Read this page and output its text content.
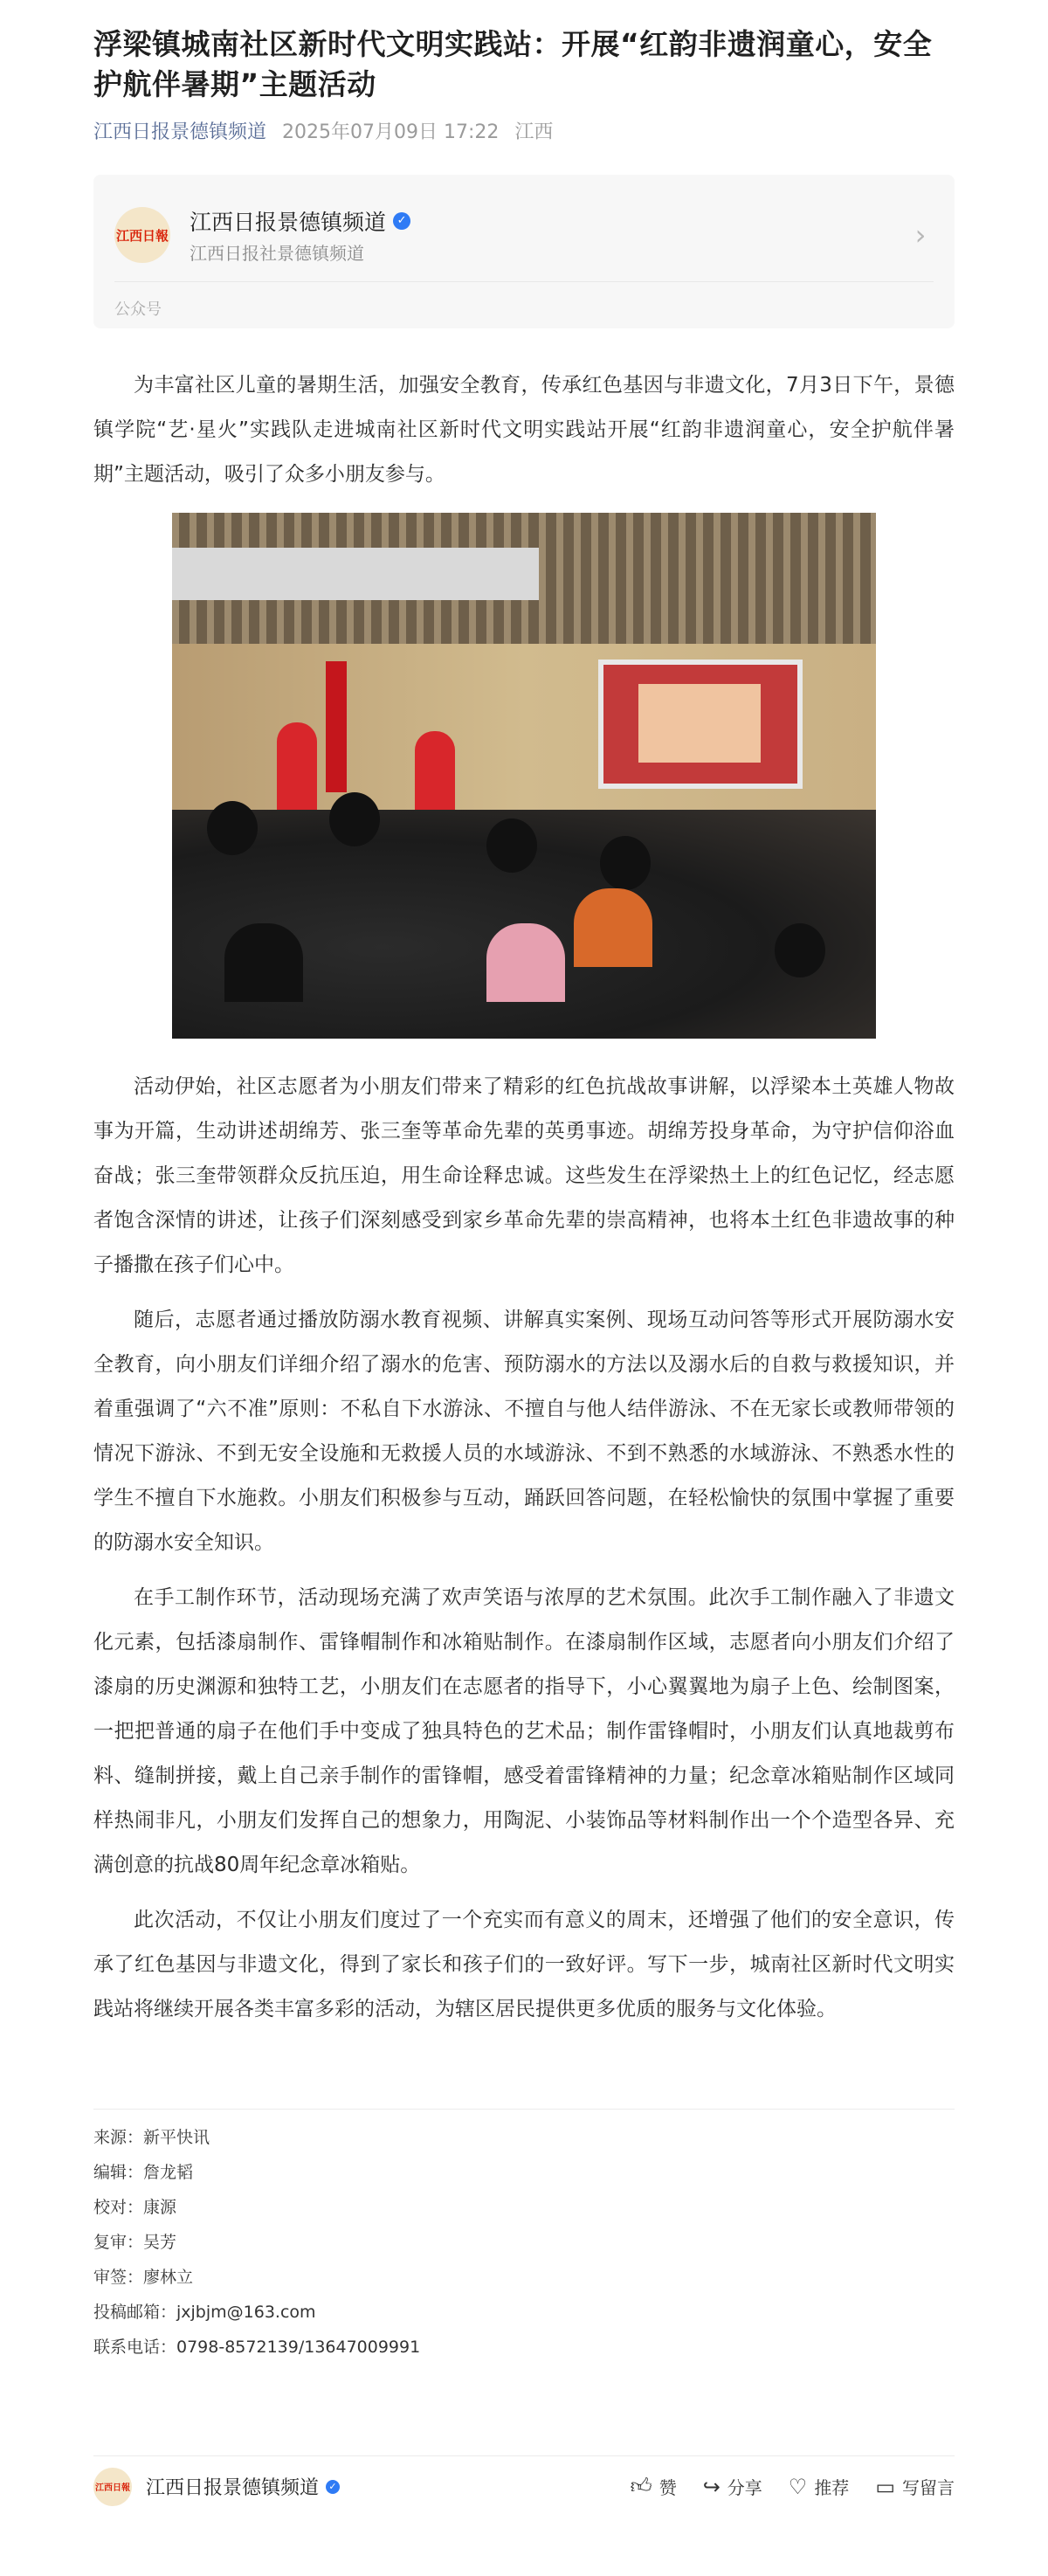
浮梁镇城南社区新时代文明实践站：开展“红韵非遗润童心，安全护航伴暑期”主题活动
江西日报景德镇频道 2025年07月09日 17:22 江西
江西日報
江西日报景德镇频道 ✓
江西日报社景德镇频道
›
公众号

为丰富社区儿童的暑期生活，加强安全教育，传承红色基因与非遗文化，7月3日下午，景德镇学院“艺·星火”实践队走进城南社区新时代文明实践站开展“红韵非遗润童心，安全护航伴暑期”主题活动，吸引了众多小朋友参与。

活动伊始，社区志愿者为小朋友们带来了精彩的红色抗战故事讲解，以浮梁本土英雄人物故事为开篇，生动讲述胡绵芳、张三奎等革命先辈的英勇事迹。胡绵芳投身革命，为守护信仰浴血奋战；张三奎带领群众反抗压迫，用生命诠释忠诚。这些发生在浮梁热土上的红色记忆，经志愿者饱含深情的讲述，让孩子们深刻感受到家乡革命先辈的崇高精神，也将本土红色非遗故事的种子播撒在孩子们心中。

随后，志愿者通过播放防溺水教育视频、讲解真实案例、现场互动问答等形式开展防溺水安全教育，向小朋友们详细介绍了溺水的危害、预防溺水的方法以及溺水后的自救与救援知识，并着重强调了“六不准”原则：不私自下水游泳、不擅自与他人结伴游泳、不在无家长或教师带领的情况下游泳、不到无安全设施和无救援人员的水域游泳、不到不熟悉的水域游泳、不熟悉水性的学生不擅自下水施救。小朋友们积极参与互动，踊跃回答问题，在轻松愉快的氛围中掌握了重要的防溺水安全知识。

在手工制作环节，活动现场充满了欢声笑语与浓厚的艺术氛围。此次手工制作融入了非遗文化元素，包括漆扇制作、雷锋帽制作和冰箱贴制作。在漆扇制作区域，志愿者向小朋友们介绍了漆扇的历史渊源和独特工艺，小朋友们在志愿者的指导下，小心翼翼地为扇子上色、绘制图案，一把把普通的扇子在他们手中变成了独具特色的艺术品；制作雷锋帽时，小朋友们认真地裁剪布料、缝制拼接，戴上自己亲手制作的雷锋帽，感受着雷锋精神的力量；纪念章冰箱贴制作区域同样热闹非凡，小朋友们发挥自己的想象力，用陶泥、小装饰品等材料制作出一个个造型各异、充满创意的抗战80周年纪念章冰箱贴。

此次活动，不仅让小朋友们度过了一个充实而有意义的周末，还增强了他们的安全意识，传承了红色基因与非遗文化，得到了家长和孩子们的一致好评。写下一步，城南社区新时代文明实践站将继续开展各类丰富多彩的活动，为辖区居民提供更多优质的服务与文化体验。

来源：新平快讯
编辑：詹龙韬
校对：康源
复审：吴芳
审签：廖林立
投稿邮箱：jxjbjm@163.com
联系电话：0798-8572139/13647009991
江西日報 江西日报景德镇频道	✓	👍︎ 赞 ↪ 分享 ♡ 推荐 ▭ 写留言
